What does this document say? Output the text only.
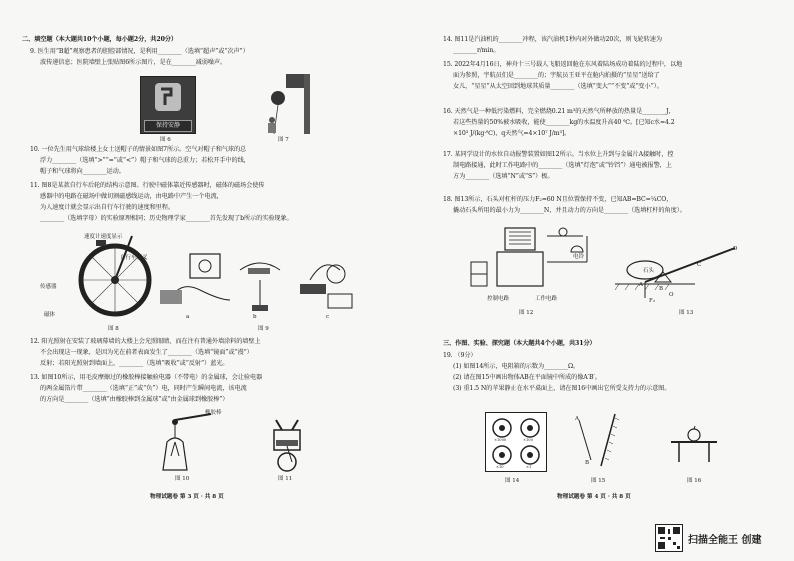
二、填空题（本大题共10个小题，每小题2分，共20分）
9. 医生用“B超”观察患者的胆腔部情况，是利用________（选填“超声”或“次声”）
波传递信息；医院墙壁上张贴图6所示图片，是在________减弱噪声。
保持安静
图 6	图 7
10. 一位先生用气球给楼上女士送帽子的情景如图7所示。空气对帽子和气球的总
浮力________（选填“>”“=”或“<”）帽子和气球的总重力；若松开手中的线，
帽子和气球将向________运动。
11. 图8是某款自行车后轮的结构示意图。行驶中磁体靠近传感器时，磁体的磁场会使传
感器中的电路在磁场中做切割磁感线运动，由电路中产生一个电流，
为人速度计就会显示出自行车行驶的速度和里程。
________（选填字母）的实验原理相同；历史物理学家________首先发现了b所示的实验现象。
速度计速度显示
自行车前叉
传感器
磁体
图 8
a	b	c
图 9
12. 阳光照射在安装了玻璃幕墙的大楼上会光照眼睛，而在注有普通外墙涂料的墙壁上
不会出现这一现象，是因为光在前者表面发生了________（选填“镜面”或“漫”）
反射；若阳光照射到墙面上，________（选填“吸收”或“反射”）蓝光。
13. 如图10所示，用毛皮摩擦过的橡胶棒接触验电器（不带电）的金属球，会让验电器
的两金属箔片带________（选填“正”或“负”）电，同时产生瞬间电流，该电流
的方向是________（选填“由橡胶棒到金属球”或“由金属球到橡胶棒”）
橡胶棒
图 10	图 11
物理试题卷 第 3 页 · 共 8 页
14. 图11是汽油机的________冲程，该汽油机1秒内对外做功20次，则飞轮转速为
________r/min。
15. 2022年4月16日，神舟十三号载人飞船返回舱在东风着陆场成功着陆的过程中，以地
面为参照，宇航员们是________的；宇航员王亚平在舱内拍摄的“星星”送给了
女儿，“星星”从太空回到地球其质量________（选填“变大”“不变”或“变小”）。
16. 天然气是一种低污染燃料，完全燃烧0.21 m³的天然气所释放的热量是________J，
若这些热量的50%被水吸收，能使________kg的水温度升高40 ℃。[已知c水=4.2
×10³ J/(kg·℃)，q天然气=4×10⁷ J/m³]。
17. 某同学设计的水位自动报警装置如图12所示。当水位上升到与金属片A接触时，控
制电路接通，此时工作电路中的________（选填“灯泡”或“铃铛”）通电被报警，上
方为________（选填“N”或“S”）极。
18. 图13所示，石头对杠杆的压力F₂=60 N且位置保持不变，已知AB=BC=¼CO，
撬动石头所用的最小力为________N，并且动力的方向是________（选填杠杆的角度）。
控制电路	工作电路
电铃
图 12
石头
A
B
C
D
O
F₂
图 13
三、作图、实验、探究题（本大题共4个小题，共31分）
19. （9分）
(1) 如图14所示，电阻箱的示数为________Ω。
(2) 请在图15中画出物体AB在平面镜中所成的像A′B′。
(3) 重1.5 N的苹果静止在水平桌面上，请在图16中画出它所受支持力的示意图。
×1000	×100
×10	×1
图 14
A
B
图 15	图 16
物理试题卷 第 4 页 · 共 8 页
扫描全能王 创建
